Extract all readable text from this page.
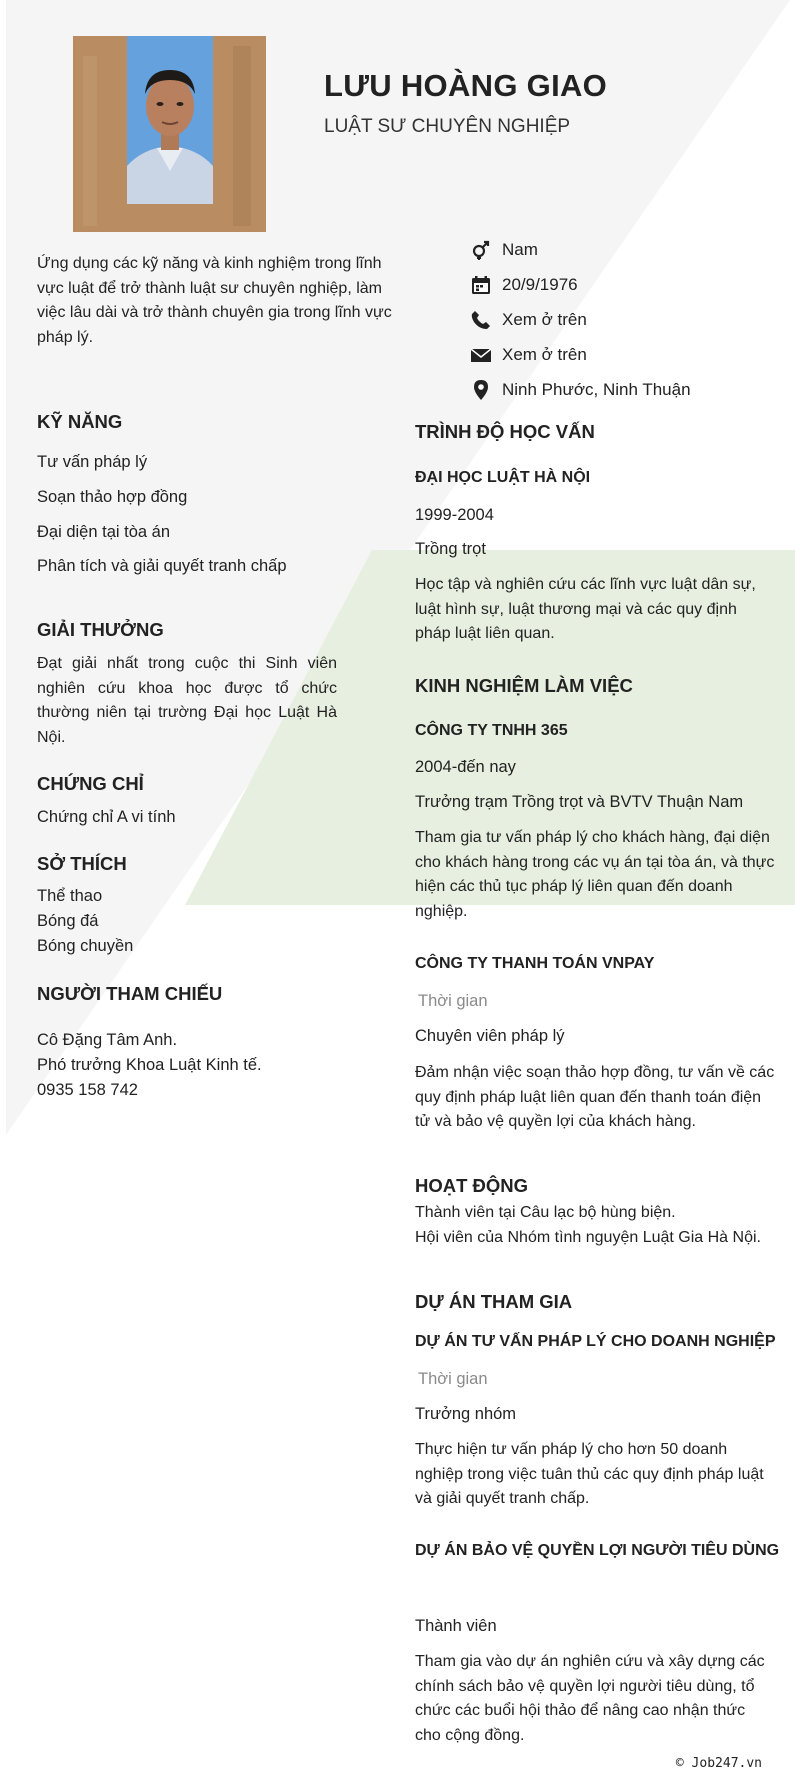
LƯU HOÀNG GIAO
LUẬT SƯ CHUYÊN NGHIỆP
Ứng dụng các kỹ năng và kinh nghiệm trong lĩnh vực luật để trở thành luật sư chuyên nghiệp, làm việc lâu dài và trở thành chuyên gia trong lĩnh vực pháp lý.
Nam
20/9/1976
Xem ở trên
Xem ở trên
Ninh Phước, Ninh Thuận
KỸ NĂNG
Tư vấn pháp lý
Soạn thảo hợp đồng
Đại diện tại tòa án
Phân tích và giải quyết tranh chấp
GIẢI THƯỞNG
Đạt giải nhất trong cuộc thi Sinh viên nghiên cứu khoa học được tổ chức thường niên tại trường Đại học Luật Hà Nội.
CHỨNG CHỈ
Chứng chỉ A vi tính
SỞ THÍCH
Thể thao
Bóng đá
Bóng chuyền
NGƯỜI THAM CHIẾU
Cô Đặng Tâm Anh.
Phó trưởng Khoa Luật Kinh tế.
0935 158 742
TRÌNH ĐỘ HỌC VẤN
ĐẠI HỌC LUẬT HÀ NỘI
1999-2004
Trồng trọt
Học tập và nghiên cứu các lĩnh vực luật dân sự, luật hình sự, luật thương mại và các quy định pháp luật liên quan.
KINH NGHIỆM LÀM VIỆC
CÔNG TY TNHH 365
2004-đến nay
Trưởng trạm Trồng trọt và BVTV Thuận Nam
Tham gia tư vấn pháp lý cho khách hàng, đại diện cho khách hàng trong các vụ án tại tòa án, và thực hiện các thủ tục pháp lý liên quan đến doanh nghiệp.
CÔNG TY THANH TOÁN VNPAY
Thời gian
Chuyên viên pháp lý
Đảm nhận việc soạn thảo hợp đồng, tư vấn về các quy định pháp luật liên quan đến thanh toán điện tử và bảo vệ quyền lợi của khách hàng.
HOẠT ĐỘNG
Thành viên tại Câu lạc bộ hùng biện.
Hội viên của Nhóm tình nguyện Luật Gia Hà Nội.
DỰ ÁN THAM GIA
DỰ ÁN TƯ VẤN PHÁP LÝ CHO DOANH NGHIỆP
Thời gian
Trưởng nhóm
Thực hiện tư vấn pháp lý cho hơn 50 doanh nghiệp trong việc tuân thủ các quy định pháp luật và giải quyết tranh chấp.
DỰ ÁN BẢO VỆ QUYỀN LỢI NGƯỜI TIÊU DÙNG
Thành viên
Tham gia vào dự án nghiên cứu và xây dựng các chính sách bảo vệ quyền lợi người tiêu dùng, tổ chức các buổi hội thảo để nâng cao nhận thức cho cộng đồng.
© Job247.vn
